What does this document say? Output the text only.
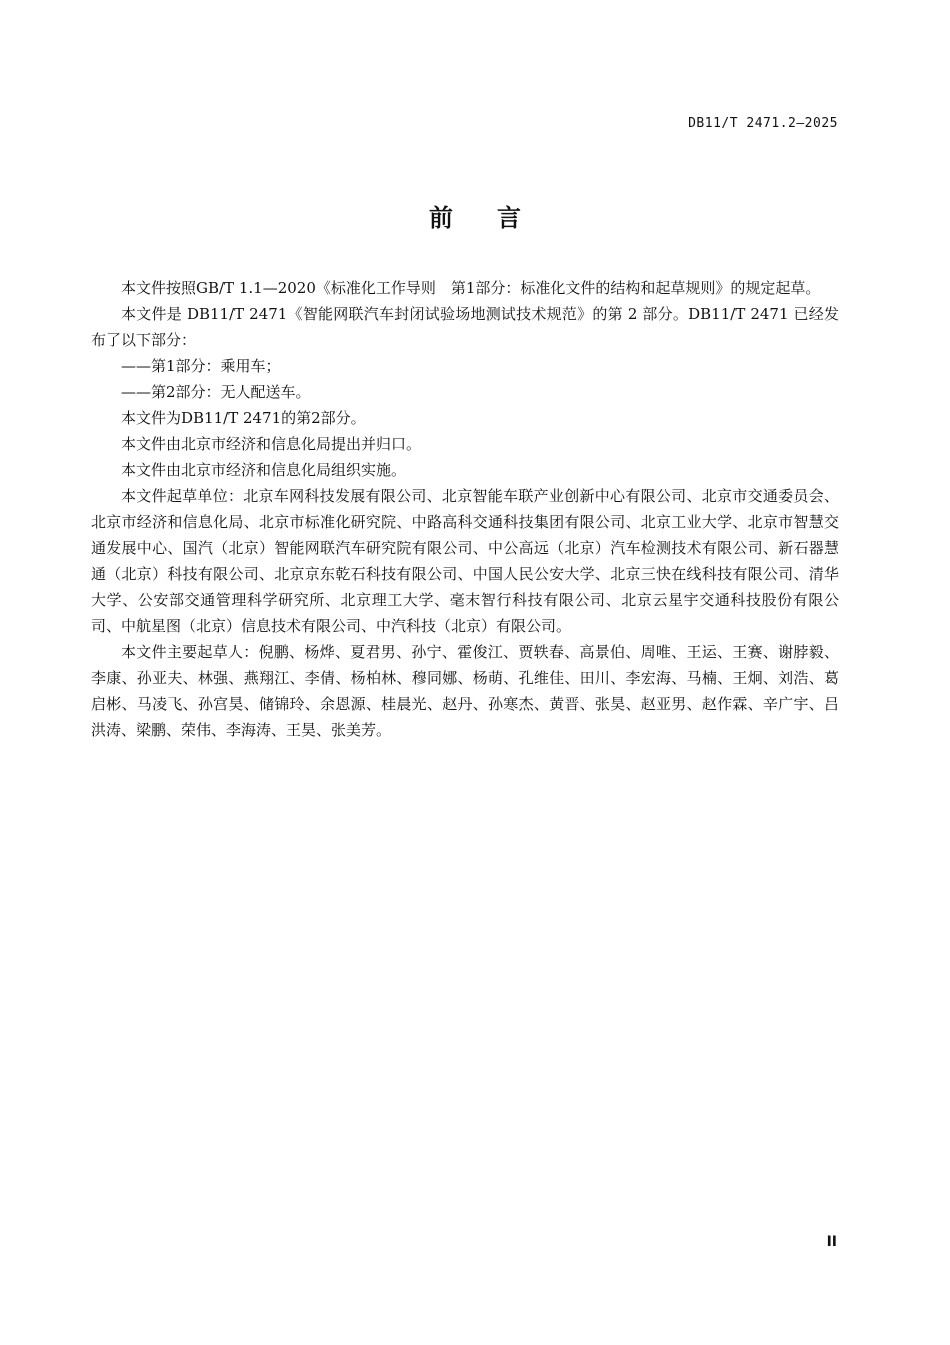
DB11/T 2471.2—2025
前 言

本文件按照GB/T 1.1—2020《标准化工作导则　第1部分：标准化文件的结构和起草规则》的规定起草。

本文件是 DB11/T 2471《智能网联汽车封闭试验场地测试技术规范》的第 2 部分。DB11/T 2471 已经发布了以下部分：

——第1部分：乘用车；

——第2部分：无人配送车。

本文件为DB11/T 2471的第2部分。

本文件由北京市经济和信息化局提出并归口。

本文件由北京市经济和信息化局组织实施。

本文件起草单位：北京车网科技发展有限公司、北京智能车联产业创新中心有限公司、北京市交通委员会、北京市经济和信息化局、北京市标准化研究院、中路高科交通科技集团有限公司、北京工业大学、北京市智慧交通发展中心、国汽（北京）智能网联汽车研究院有限公司、中公高远（北京）汽车检测技术有限公司、新石器慧通（北京）科技有限公司、北京京东乾石科技有限公司、中国人民公安大学、北京三快在线科技有限公司、清华大学、公安部交通管理科学研究所、北京理工大学、毫末智行科技有限公司、北京云星宇交通科技股份有限公司、中航星图（北京）信息技术有限公司、中汽科技（北京）有限公司。

本文件主要起草人：倪鹏、杨烨、夏君男、孙宁、霍俊江、贾轶春、高景伯、周唯、王运、王赛、谢脖毅、李康、孙亚夫、林强、燕翔江、李倩、杨柏林、穆同娜、杨萌、孔维佳、田川、李宏海、马楠、王炯、刘浩、葛启彬、马凌飞、孙宫昊、储锦玲、余恩源、桂晨光、赵丹、孙寒杰、黄晋、张昊、赵亚男、赵作霖、辛广宇、吕洪涛、梁鹏、荣伟、李海涛、王昊、张美芳。

II
